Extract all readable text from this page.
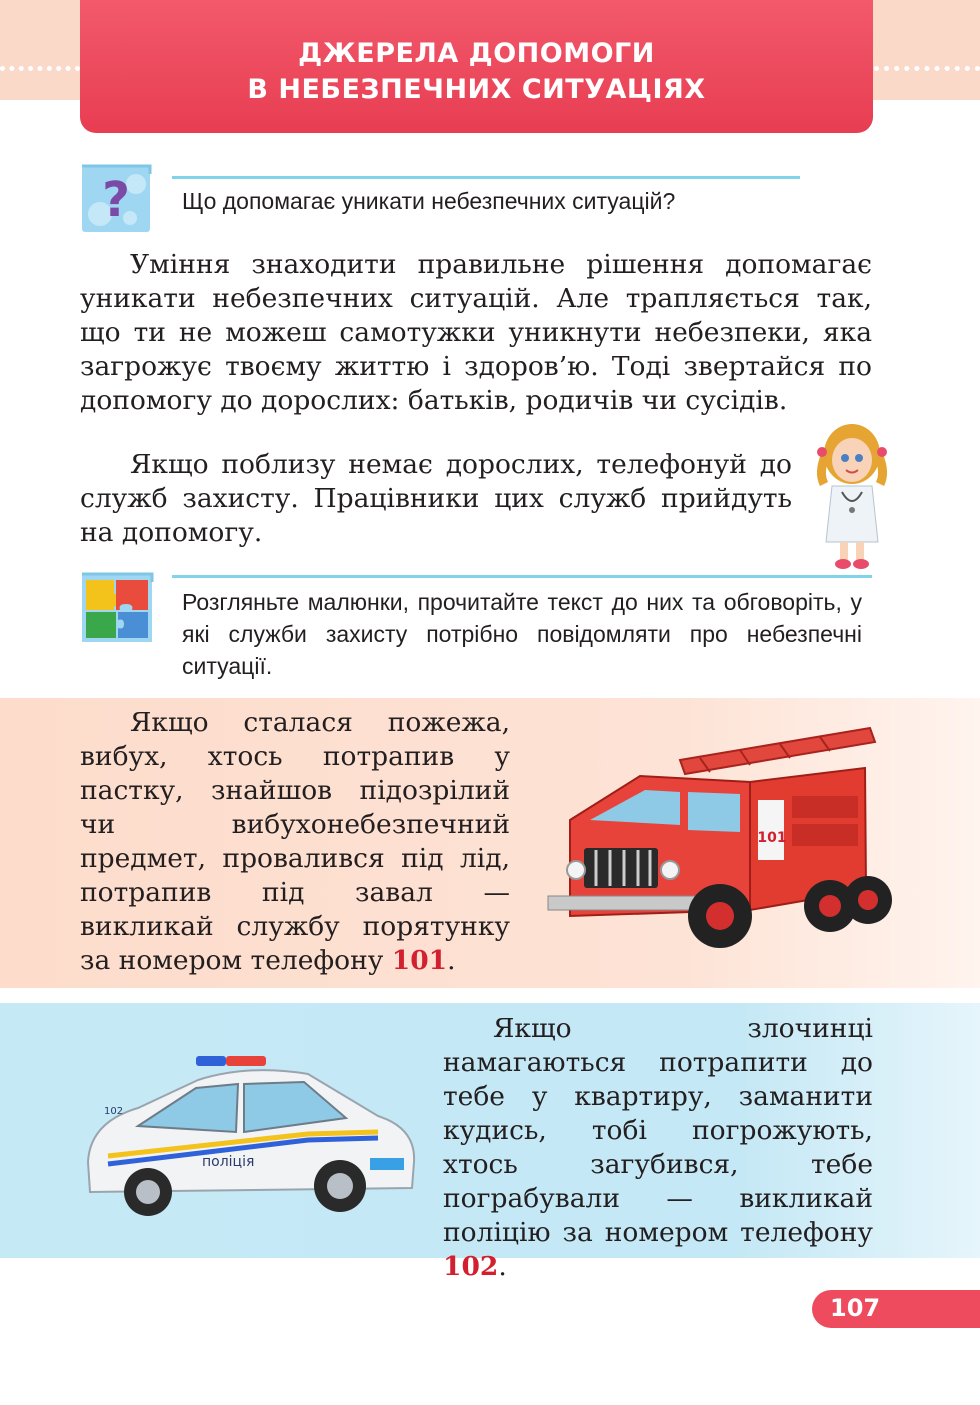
ДЖЕРЕЛА ДОПОМОГИ
В НЕБЕЗПЕЧНИХ СИТУАЦІЯХ
? Що допомагає уникати небезпечних ситуацій?

Уміння знаходити правильне рішення допомагає уникати небезпечних ситуацій. Але трапляється так, що ти не можеш самотужки уникнути небезпеки, яка загрожує твоєму життю і здоров’ю. Тоді звертайся по допомогу до дорослих: батьків, родичів чи сусідів.

Якщо поблизу немає дорослих, телефонуй до служб захисту. Працівники цих служб прийдуть на допомогу.

Розгляньте малюнки, прочитайте текст до них та обговоріть, у які служби захисту потрібно повідомляти про небезпечні ситуації.

Якщо сталася пожежа, вибух, хтось потрапив у пастку, знайшов підозрілий чи вибухонебезпечний предмет, провалився під лід, потрапив під завал — викликай службу порятунку за номером телефону 101.

101

Якщо злочинці намагаються потрапити до тебе у квартиру, заманити кудись, тобі погрожують, хтось загубився, тебе пограбували — викликай поліцію за номером телефону 102.

поліція
102
107
